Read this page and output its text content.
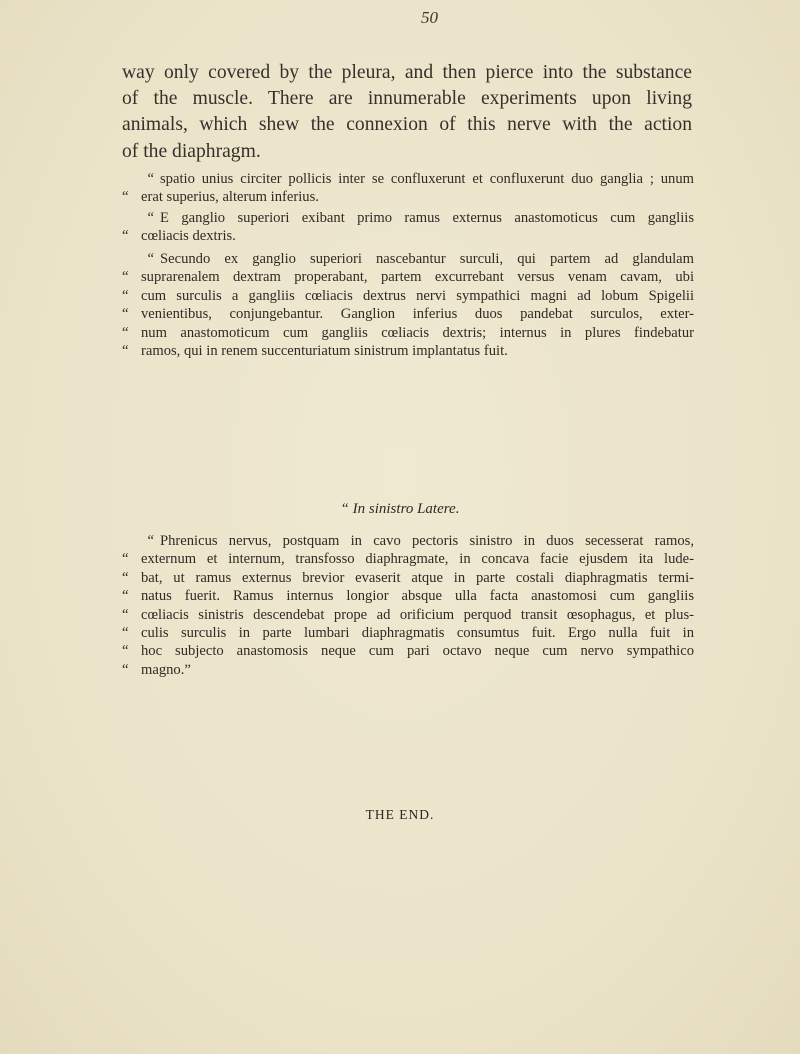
50
way only covered by the pleura, and then pierce into the substance
of the muscle. There are innumerable experiments upon living
animals, which shew the connexion of this nerve with the action
of the diaphragm.
“ spatio unius circiter pollicis inter se confluxerunt et confluxerunt duo ganglia ; unum
“ erat superius, alterum inferius.
“ E ganglio superiori exibant primo ramus externus anastomoticus cum gangliis
“ cœliacis dextris.
“ Secundo ex ganglio superiori nascebantur surculi, qui partem ad glandulam
“ suprarenalem dextram properabant, partem excurrebant versus venam cavam, ubi
“ cum surculis a gangliis cœliacis dextrus nervi sympathici magni ad lobum Spigelii
“ venientibus, conjungebantur. Ganglion inferius duos pandebat surculos, exter-
“ num anastomoticum cum gangliis cœliacis dextris; internus in plures findebatur
“ ramos, qui in renem succenturiatum sinistrum implantatus fuit.
“ In sinistro Latere.
“ Phrenicus nervus, postquam in cavo pectoris sinistro in duos secesserat ramos,
“ externum et internum, transfosso diaphragmate, in concava facie ejusdem ita lude-
“ bat, ut ramus externus brevior evaserit atque in parte costali diaphragmatis termi-
“ natus fuerit. Ramus internus longior absque ulla facta anastomosi cum gangliis
“ cœliacis sinistris descendebat prope ad orificium perquod transit œsophagus, et plus-
“ culis surculis in parte lumbari diaphragmatis consumtus fuit. Ergo nulla fuit in
“ hoc subjecto anastomosis neque cum pari octavo neque cum nervo sympathico
“ magno.”
THE END.
